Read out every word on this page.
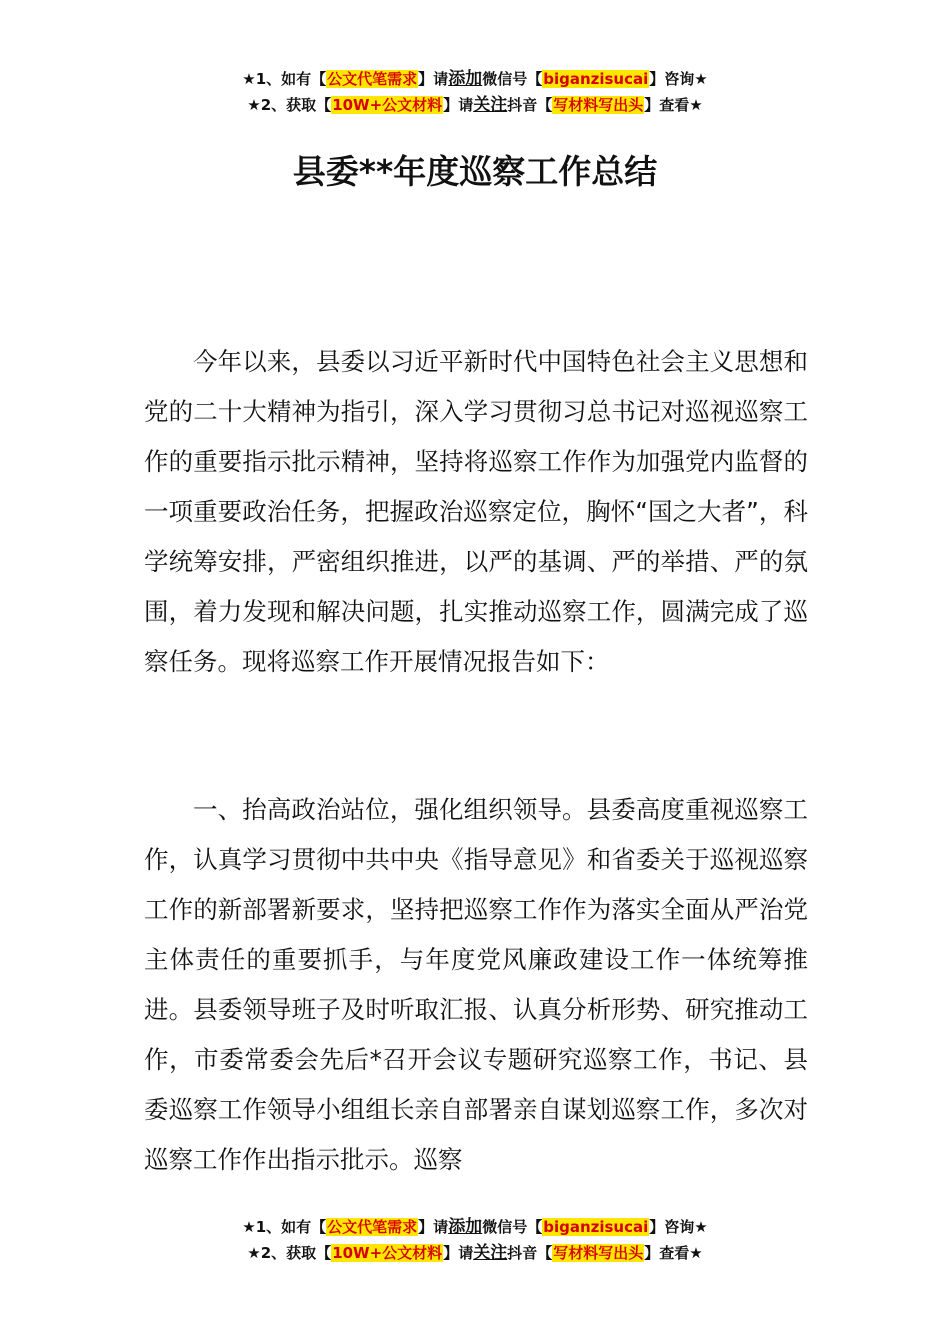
★1、如有【公文代笔需求】请添加微信号【biganzisucai】咨询★
★2、获取【10W+公文材料】请关注抖音【写材料写出头】查看★
县委**年度巡察工作总结

今年以来，县委以习近平新时代中国特色社会主义思想和党的二十大精神为指引，深入学习贯彻习总书记对巡视巡察工作的重要指示批示精神，坚持将巡察工作作为加强党内监督的一项重要政治任务，把握政治巡察定位，胸怀“国之大者”，科学统筹安排，严密组织推进，以严的基调、严的举措、严的氛围，着力发现和解决问题，扎实推动巡察工作，圆满完成了巡察任务。现将巡察工作开展情况报告如下：

一、抬高政治站位，强化组织领导。县委高度重视巡察工作，认真学习贯彻中共中央《指导意见》和省委关于巡视巡察工作的新部署新要求，坚持把巡察工作作为落实全面从严治党主体责任的重要抓手，与年度党风廉政建设工作一体统筹推进。县委领导班子及时听取汇报、认真分析形势、研究推动工作，市委常委会先后*召开会议专题研究巡察工作，书记、县委巡察工作领导小组组长亲自部署亲自谋划巡察工作，多次对巡察工作作出指示批示。巡察

★1、如有【公文代笔需求】请添加微信号【biganzisucai】咨询★
★2、获取【10W+公文材料】请关注抖音【写材料写出头】查看★
